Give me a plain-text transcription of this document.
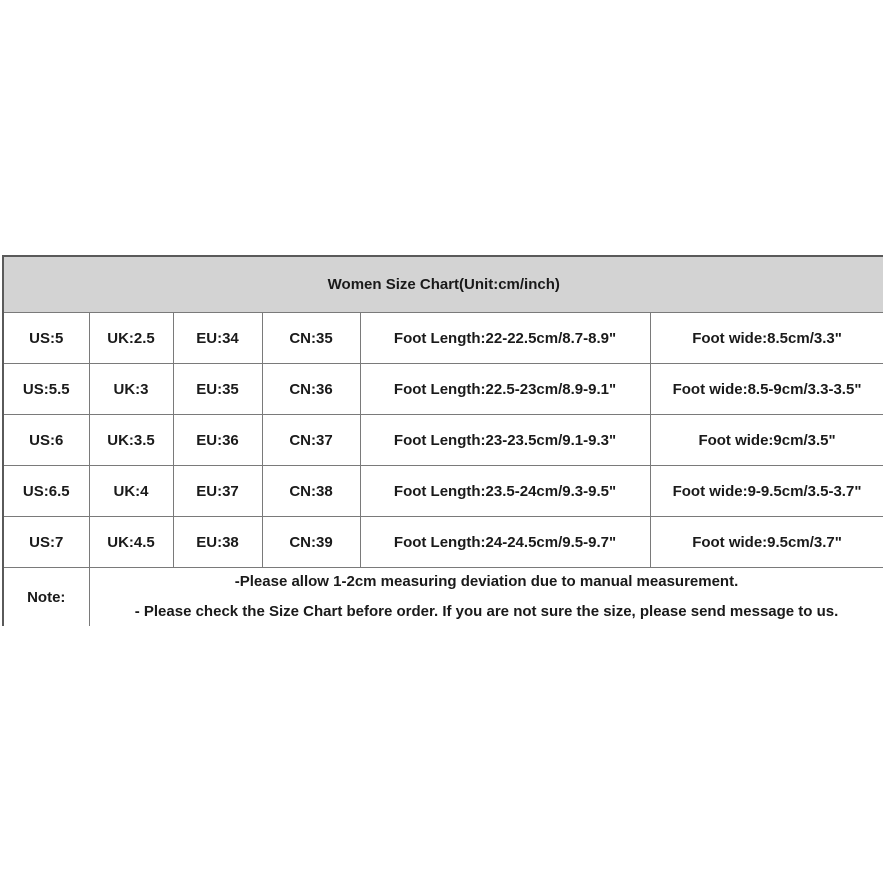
Women Size Chart(Unit:cm/inch)					
US:5	UK:2.5	EU:34	CN:35	Foot Length:22-22.5cm/8.7-8.9"	Foot wide:8.5cm/3.3"
US:5.5	UK:3	EU:35	CN:36	Foot Length:22.5-23cm/8.9-9.1"	Foot wide:8.5-9cm/3.3-3.5"
US:6	UK:3.5	EU:36	CN:37	Foot Length:23-23.5cm/9.1-9.3"	Foot wide:9cm/3.5"
US:6.5	UK:4	EU:37	CN:38	Foot Length:23.5-24cm/9.3-9.5"	Foot wide:9-9.5cm/3.5-3.7"
US:7	UK:4.5	EU:38	CN:39	Foot Length:24-24.5cm/9.5-9.7"	Foot wide:9.5cm/3.7"
Note:	-Please allow 1-2cm measuring deviation due to manual measurement.
- Please check the Size Chart before order. If you are not sure the size, please send message to us.				
